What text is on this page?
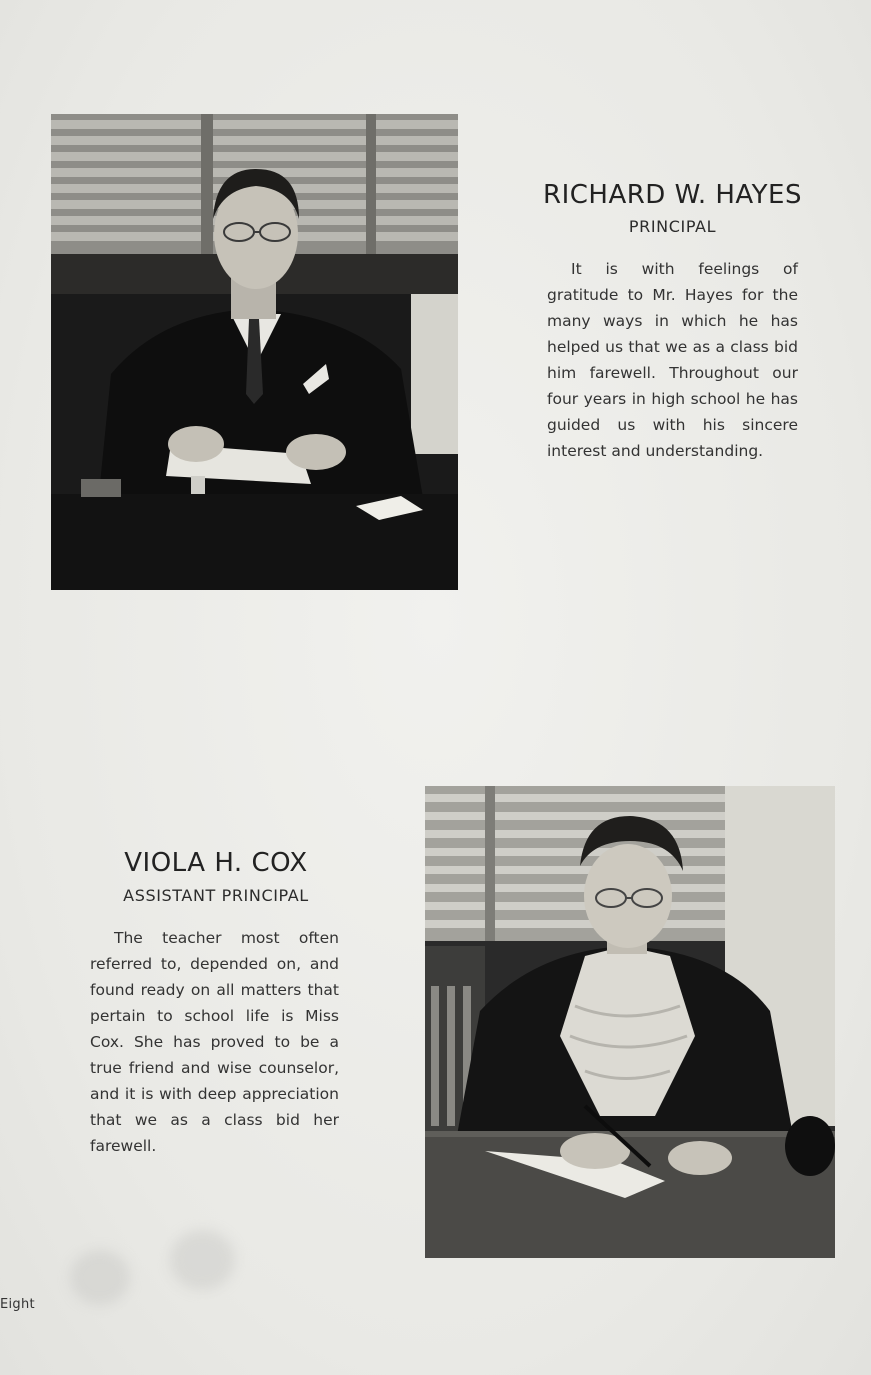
RICHARD W. HAYES
PRINCIPAL

It is with feelings of gratitude to Mr. Hayes for the many ways in which he has helped us that we as a class bid him farewell. Throughout our four years in high school he has guided us with his sincere interest and understanding.

VIOLA H. COX
ASSISTANT PRINCIPAL

The teacher most often referred to, depended on, and found ready on all matters that pertain to school life is Miss Cox. She has proved to be a true friend and wise counselor, and it is with deep appreciation that we as a class bid her farewell.

Eight
